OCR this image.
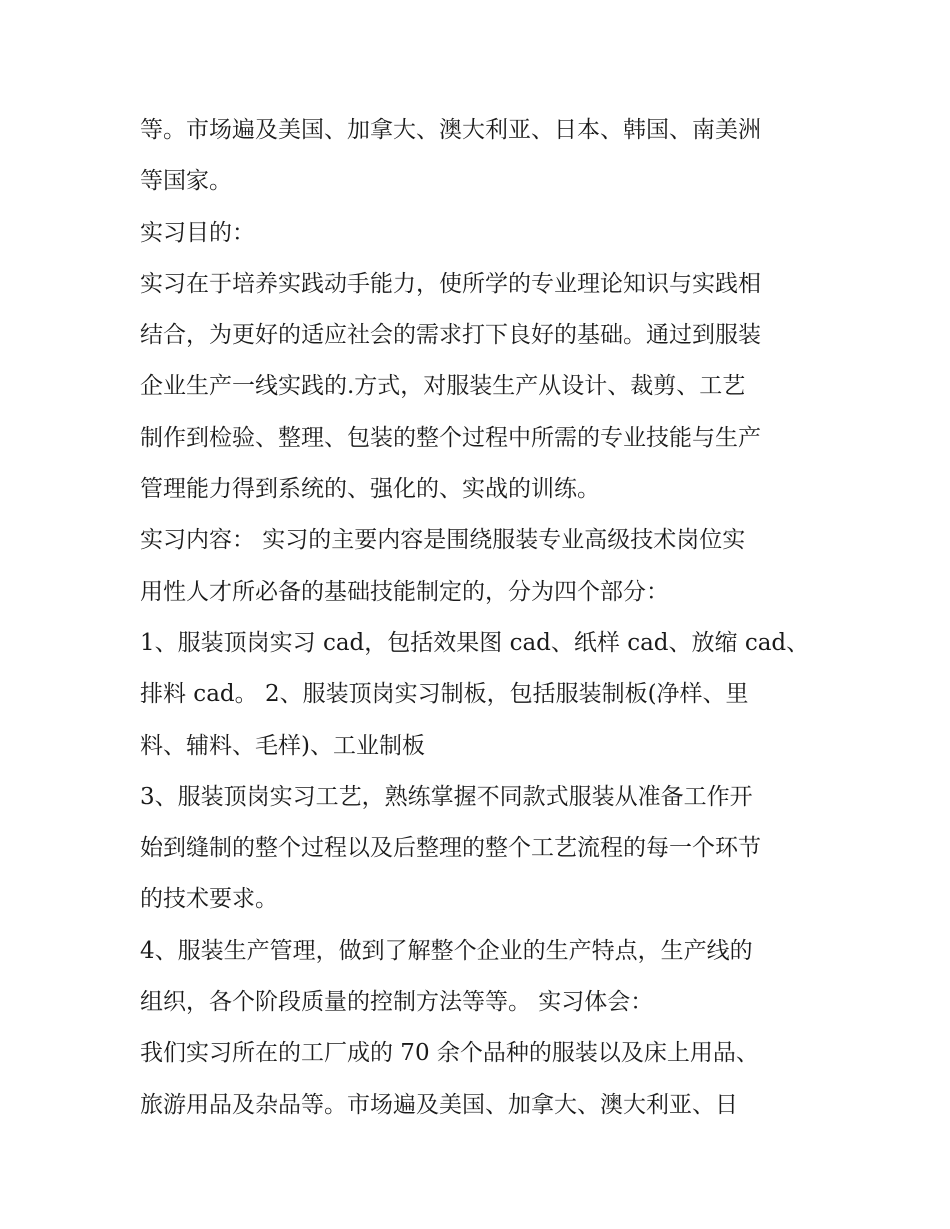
等。市场遍及美国、加拿大、澳大利亚、日本、韩国、南美洲
等国家。
实习目的：
实习在于培养实践动手能力，使所学的专业理论知识与实践相
结合，为更好的适应社会的需求打下良好的基础。通过到服装
企业生产一线实践的.方式，对服装生产从设计、裁剪、工艺
制作到检验、整理、包装的整个过程中所需的专业技能与生产
管理能力得到系统的、强化的、实战的训练。
实习内容： 实习的主要内容是围绕服装专业高级技术岗位实
用性人才所必备的基础技能制定的，分为四个部分：
1、服装顶岗实习 cad，包括效果图 cad、纸样 cad、放缩 cad、
排料 cad。 2、服装顶岗实习制板，包括服装制板(净样、里
料、辅料、毛样)、工业制板
3、服装顶岗实习工艺，熟练掌握不同款式服装从准备工作开
始到缝制的整个过程以及后整理的整个工艺流程的每一个环节
的技术要求。
4、服装生产管理，做到了解整个企业的生产特点，生产线的
组织，各个阶段质量的控制方法等等。 实习体会：
我们实习所在的工厂成的 70 余个品种的服装以及床上用品、
旅游用品及杂品等。市场遍及美国、加拿大、澳大利亚、日
